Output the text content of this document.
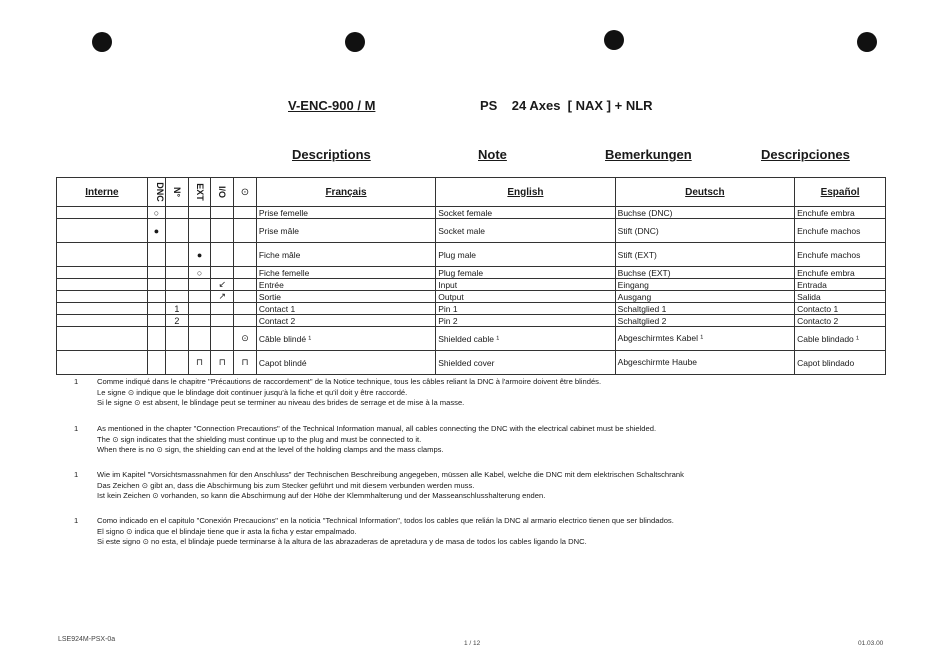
V-ENC-900 / M	PS    24 Axes  [ NAX ] + NLR
Descriptions	Note	Bemerkungen	Descripciones
Interne	DNC	N°	EXT	I/O	⊙	Français	English	Deutsch	Español
	○					Prise femelle	Socket female	Buchse (DNC)	Enchufe embra
	●					Prise mâle	Socket male	Stift (DNC)	Enchufe machos
			●			Fiche mâle	Plug male	Stift (EXT)	Enchufe machos
			○			Fiche femelle	Plug female	Buchse (EXT)	Enchufe embra
				↙		Entrée	Input	Eingang	Entrada
				↗		Sortie	Output	Ausgang	Salida
		1				Contact 1	Pin 1	Schaltglied 1	Contacto 1
		2				Contact 2	Pin 2	Schaltglied 2	Contacto 2
					⊙	Câble blindé ¹	Shielded cable ¹	Abgeschirmtes Kabel ¹	Cable blindado ¹
			⊓	⊓	⊓	Capot blindé	Shielded cover	Abgeschirmte Haube	Capot blindado
1 Comme indiqué dans le chapitre "Précautions de raccordement" de la Notice technique, tous les câbles reliant la DNC à l'armoire doivent être blindés.
Le signe ⊙ indique que le blindage doit continuer jusqu'à la fiche et qu'il doit y être raccordé.
Si le signe ⊙ est absent, le blindage peut se terminer au niveau des brides de serrage et de mise à la masse.
1 As mentioned in the chapter "Connection Precautions" of the Technical Information manual, all cables connecting the DNC with the electrical cabinet must be shielded.
The ⊙ sign indicates that the shielding must continue up to the plug and must be connected to it.
When there is no ⊙ sign, the shielding can end at the level of the holding clamps and the mass clamps.
1 Wie im Kapitel "Vorsichtsmassnahmen für den Anschluss" der Technischen Beschreibung angegeben, müssen alle Kabel, welche die DNC mit dem elektrischen Schaltschrank
Das Zeichen ⊙ gibt an, dass die Abschirmung bis zum Stecker geführt und mit diesem verbunden werden muss.
Ist kein Zeichen ⊙ vorhanden, so kann die Abschirmung auf der Höhe der Klemmhalterung und der Masseanschlusshalterung enden.
1 Como indicado en el capitulo "Conexión Precaucions" en la noticia "Technical Information", todos los cables que relián la DNC al armario electrico tienen que ser blindados.
El signo ⊙ indica que el blindaje tiene que ir asta la ficha y estar empalmado.
Si este signo ⊙ no esta, el blindaje puede terminarse à la altura de las abrazaderas de apretadura y de masa de todos los cables ligando la DNC.
LSE924M-PSX-0a
1 / 12	01.03.00
